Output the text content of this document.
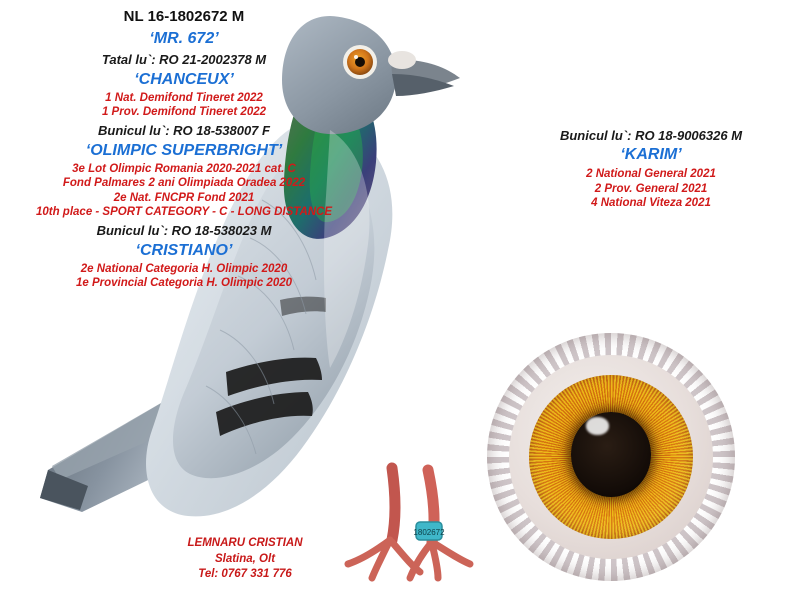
1802672
NL 16-1802672 M
‘MR. 672’
Tatal lu`: RO 21-2002378 M
‘CHANCEUX’
1 Nat. Demifond Tineret 2022
1 Prov. Demifond Tineret 2022
Bunicul lu`: RO 18-538007 F
‘OLIMPIC SUPERBRIGHT’
3e Lot Olimpic Romania 2020-2021 cat. C
Fond Palmares 2 ani Olimpiada Oradea 2022
2e Nat. FNCPR Fond 2021
10th place - SPORT CATEGORY - C - LONG DISTANCE
Bunicul lu`: RO 18-538023 M
‘CRISTIANO’
2e National Categoria H. Olimpic 2020
1e Provincial Categoria H. Olimpic 2020
Bunicul lu`: RO 18-9006326 M
‘KARIM’
2 National General 2021
2 Prov. General 2021
4 National Viteza 2021
LEMNARU CRISTIAN
Slatina, Olt
Tel: 0767 331 776
